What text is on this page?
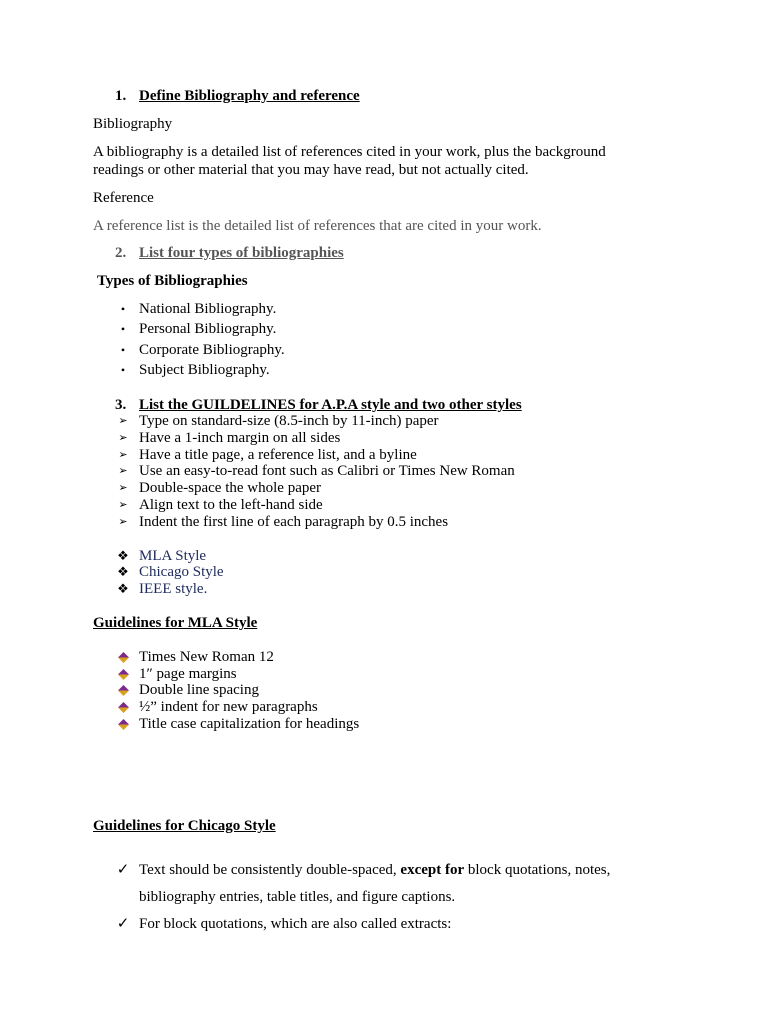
1. Define Bibliography and reference
Bibliography
A bibliography is a detailed list of references cited in your work, plus the background
readings or other material that you may have read, but not actually cited.
Reference
A reference list is the detailed list of references that are cited in your work.
2. List four types of bibliographies
Types of Bibliographies
• National Bibliography.
• Personal Bibliography.
• Corporate Bibliography.
• Subject Bibliography.
3. List the GUILDELINES for A.P.A style and two other styles
➢ Type on standard-size (8.5-inch by 11-inch) paper
➢ Have a 1-inch margin on all sides
➢ Have a title page, a reference list, and a byline
➢ Use an easy-to-read font such as Calibri or Times New Roman
➢ Double-space the whole paper
➢ Align text to the left-hand side
➢ Indent the first line of each paragraph by 0.5 inches
❖ MLA Style
❖ Chicago Style
❖ IEEE style.
Guidelines for MLA Style
Times New Roman 12
1″ page margins
Double line spacing
½” indent for new paragraphs
Title case capitalization for headings
Guidelines for Chicago Style
✓ Text should be consistently double-spaced, except for block quotations, notes,
bibliography entries, table titles, and figure captions.
✓ For block quotations, which are also called extracts:
